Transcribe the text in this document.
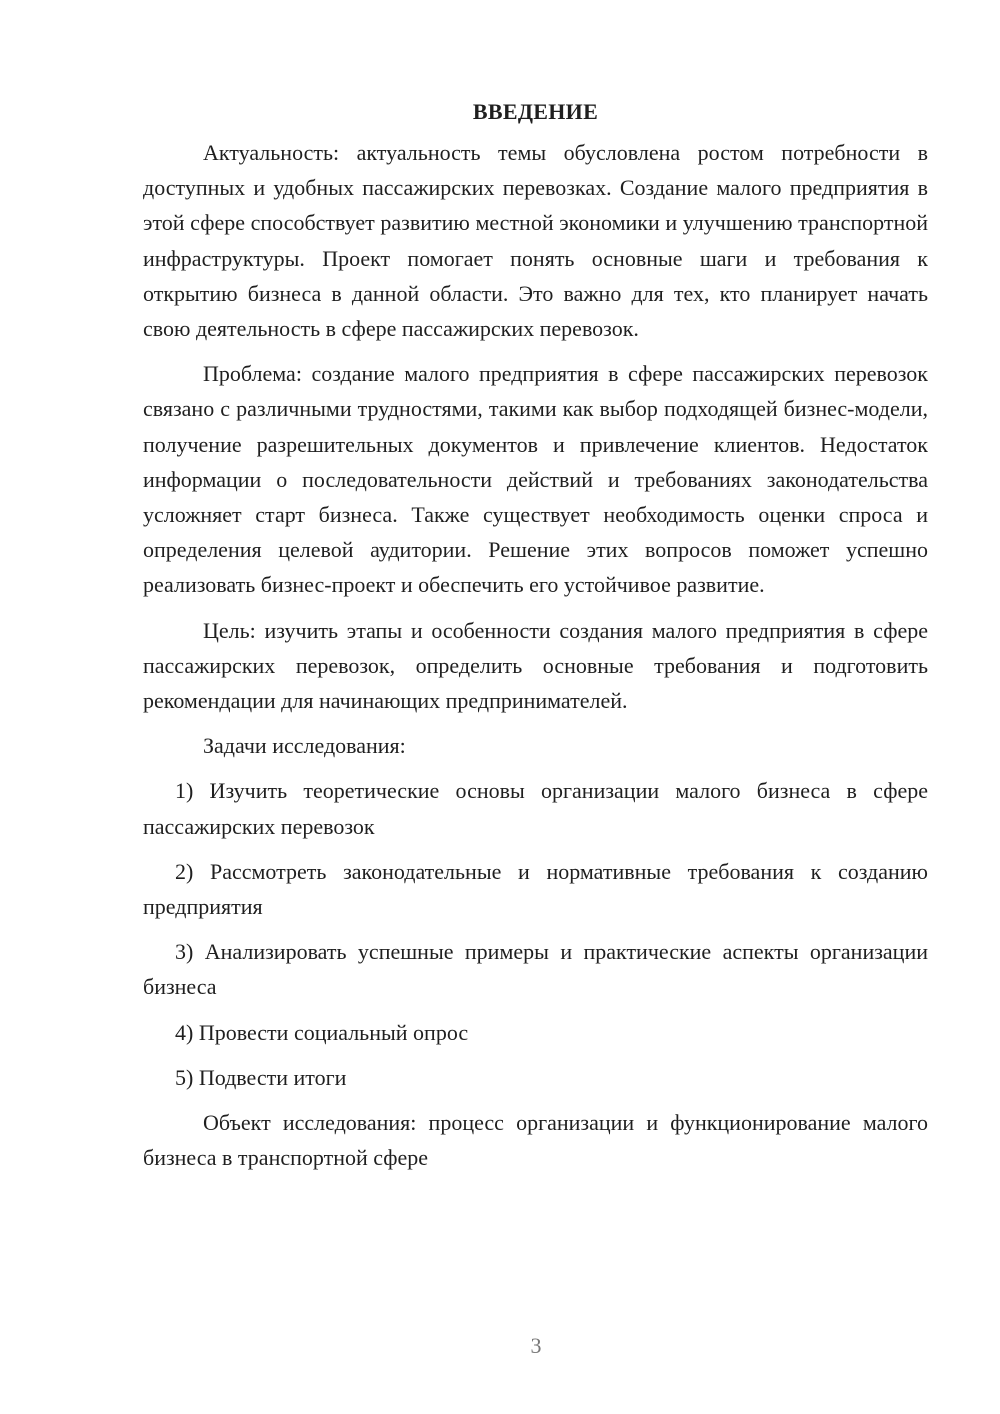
ВВЕДЕНИЕ

Актуальность: актуальность темы обусловлена ростом потребности в доступных и удобных пассажирских перевозках. Создание малого предприятия в этой сфере способствует развитию местной экономики и улучшению транспортной инфраструктуры. Проект помогает понять основные шаги и требования к открытию бизнеса в данной области. Это важно для тех, кто планирует начать свою деятельность в сфере пассажирских перевозок.

Проблема: создание малого предприятия в сфере пассажирских перевозок связано с различными трудностями, такими как выбор подходящей бизнес-модели, получение разрешительных документов и привлечение клиентов. Недостаток информации о последовательности действий и требованиях законодательства усложняет старт бизнеса. Также существует необходимость оценки спроса и определения целевой аудитории. Решение этих вопросов поможет успешно реализовать бизнес-проект и обеспечить его устойчивое развитие.

Цель: изучить этапы и особенности создания малого предприятия в сфере пассажирских перевозок, определить основные требования и подготовить рекомендации для начинающих предпринимателей.

Задачи исследования:

1) Изучить теоретические основы организации малого бизнеса в сфере пассажирских перевозок

2) Рассмотреть законодательные и нормативные требования к созданию предприятия

3) Анализировать успешные примеры и практические аспекты организации бизнеса

4) Провести социальный опрос

5) Подвести итоги

Объект исследования: процесс организации и функционирование малого бизнеса в транспортной сфере

3
